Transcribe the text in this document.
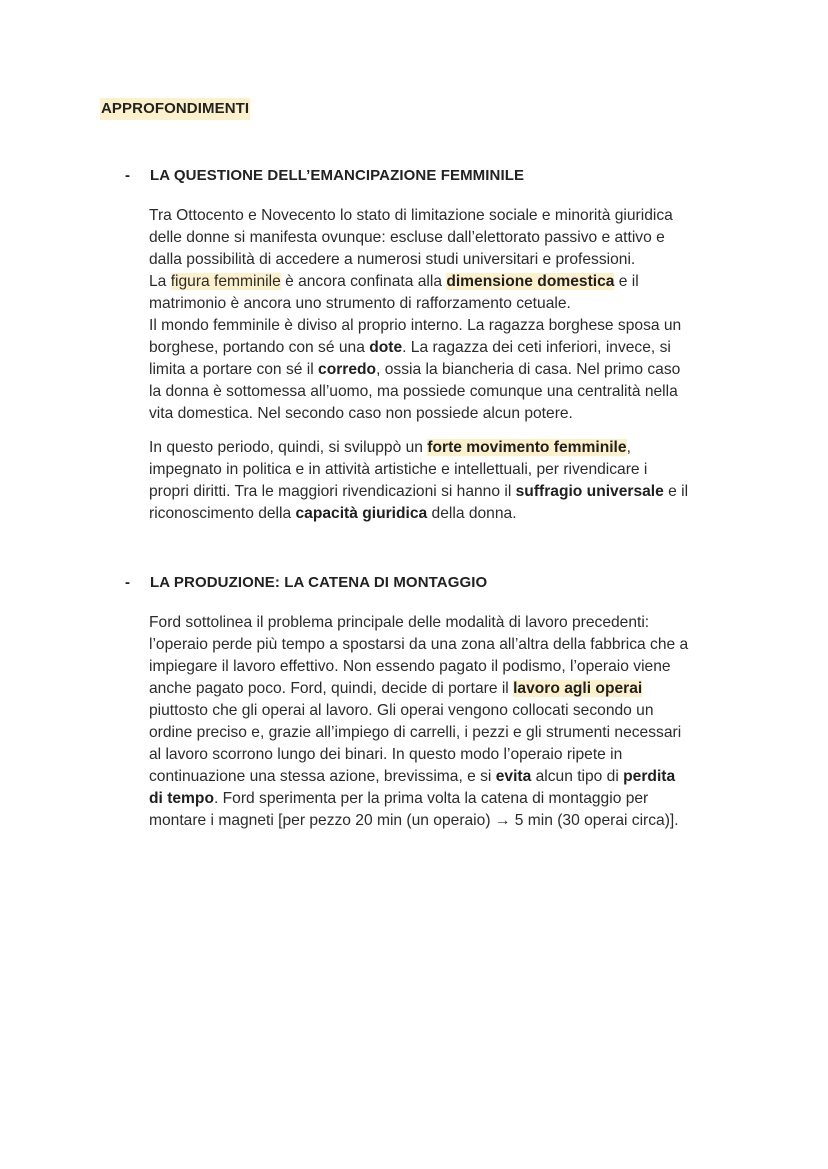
APPROFONDIMENTI
- LA QUESTIONE DELL’EMANCIPAZIONE FEMMINILE
Tra Ottocento e Novecento lo stato di limitazione sociale e minorità giuridica
delle donne si manifesta ovunque: escluse dall’elettorato passivo e attivo e
dalla possibilità di accedere a numerosi studi universitari e professioni.
La figura femminile è ancora confinata alla dimensione domestica e il
matrimonio è ancora uno strumento di rafforzamento cetuale.
Il mondo femminile è diviso al proprio interno. La ragazza borghese sposa un
borghese, portando con sé una dote. La ragazza dei ceti inferiori, invece, si
limita a portare con sé il corredo, ossia la biancheria di casa. Nel primo caso
la donna è sottomessa all’uomo, ma possiede comunque una centralità nella
vita domestica. Nel secondo caso non possiede alcun potere.
In questo periodo, quindi, si sviluppò un forte movimento femminile,
impegnato in politica e in attività artistiche e intellettuali, per rivendicare i
propri diritti. Tra le maggiori rivendicazioni si hanno il suffragio universale e il
riconoscimento della capacità giuridica della donna.
- LA PRODUZIONE: LA CATENA DI MONTAGGIO
Ford sottolinea il problema principale delle modalità di lavoro precedenti:
l’operaio perde più tempo a spostarsi da una zona all’altra della fabbrica che a
impiegare il lavoro effettivo. Non essendo pagato il podismo, l’operaio viene
anche pagato poco. Ford, quindi, decide di portare il lavoro agli operai
piuttosto che gli operai al lavoro. Gli operai vengono collocati secondo un
ordine preciso e, grazie all’impiego di carrelli, i pezzi e gli strumenti necessari
al lavoro scorrono lungo dei binari. In questo modo l’operaio ripete in
continuazione una stessa azione, brevissima, e si evita alcun tipo di perdita
di tempo. Ford sperimenta per la prima volta la catena di montaggio per
montare i magneti [per pezzo 20 min (un operaio) → 5 min (30 operai circa)].
